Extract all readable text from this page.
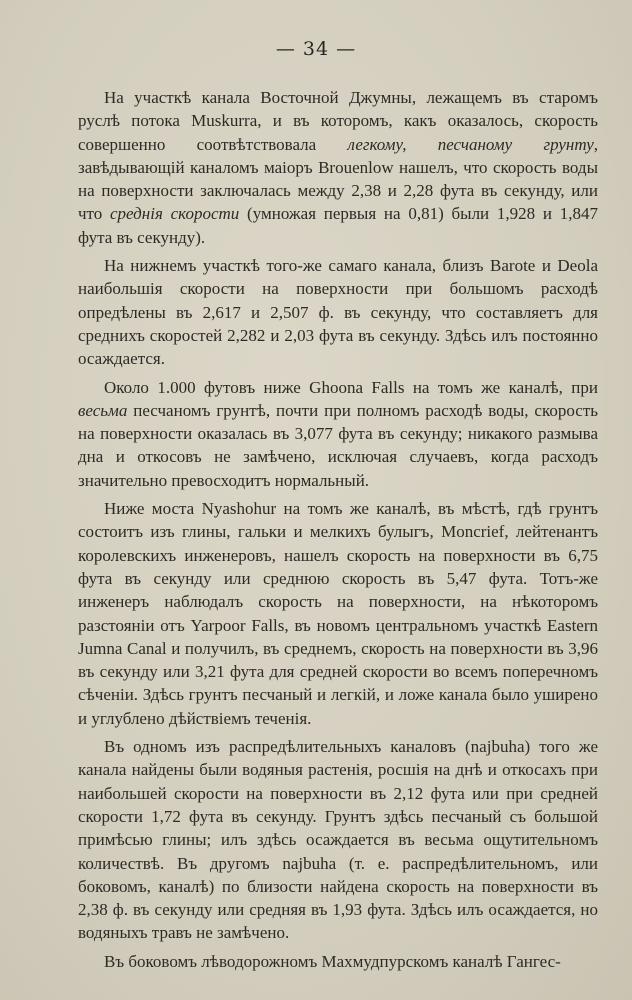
— 34 —

На участкѣ канала Восточной Джумны, лежащемъ въ старомъ руслѣ потока Muskurra, и въ которомъ, какъ оказалось, скорость совершенно соотвѣтствовала легкому, песчаному грунту, завѣдывающій каналомъ маіоръ Brouenlow нашелъ, что скорость воды на поверхности заключалась между 2,38 и 2,28 фута въ секунду, или что среднія скорости (умножая первыя на 0,81) были 1,928 и 1,847 фута въ секунду).

На нижнемъ участкѣ того-же самаго канала, близъ Barote и Deola наибольшія скорости на поверхности при большомъ расходѣ опредѣлены въ 2,617 и 2,507 ф. въ секунду, что составляетъ для среднихъ скоростей 2,282 и 2,03 фута въ секунду. Здѣсь илъ постоянно осаждается.

Около 1.000 футовъ ниже Ghoona Falls на томъ же каналѣ, при весьма песчаномъ грунтѣ, почти при полномъ расходѣ воды, скорость на поверхности оказалась въ 3,077 фута въ секунду; никакого размыва дна и откосовъ не замѣчено, исключая случаевъ, когда расходъ значительно превосходитъ нормальный.

Ниже моста Nyashohur на томъ же каналѣ, въ мѣстѣ, гдѣ грунтъ состоитъ изъ глины, гальки и мелкихъ булыгъ, Moncrief, лейтенантъ королевскихъ инженеровъ, нашелъ скорость на поверхности въ 6,75 фута въ секунду или среднюю скорость въ 5,47 фута. Тотъ-же инженеръ наблюдалъ скорость на поверхности, на нѣкоторомъ разстояніи отъ Yarpoor Falls, въ новомъ центральномъ участкѣ Eastern Jumna Canal и получилъ, въ среднемъ, скорость на поверхности въ 3,96 въ секунду или 3,21 фута для средней скорости во всемъ поперечномъ сѣченіи. Здѣсь грунтъ песчаный и легкій, и ложе канала было уширено и углублено дѣйствіемъ теченія.

Въ одномъ изъ распредѣлительныхъ каналовъ (najbuha) того же канала найдены были водяныя растенія, росшія на днѣ и откосахъ при наибольшей скорости на поверхности въ 2,12 фута или при средней скорости 1,72 фута въ секунду. Грунтъ здѣсь песчаный съ большой примѣсью глины; илъ здѣсь осаждается въ весьма ощутительномъ количествѣ. Въ другомъ najbuha (т. е. распредѣлительномъ, или боковомъ, каналѣ) по близости найдена скорость на поверхности въ 2,38 ф. въ секунду или средняя въ 1,93 фута. Здѣсь илъ осаждается, но водяныхъ травъ не замѣчено.

Въ боковомъ лѣводорожномъ Махмудпурскомъ каналѣ Гангес-
